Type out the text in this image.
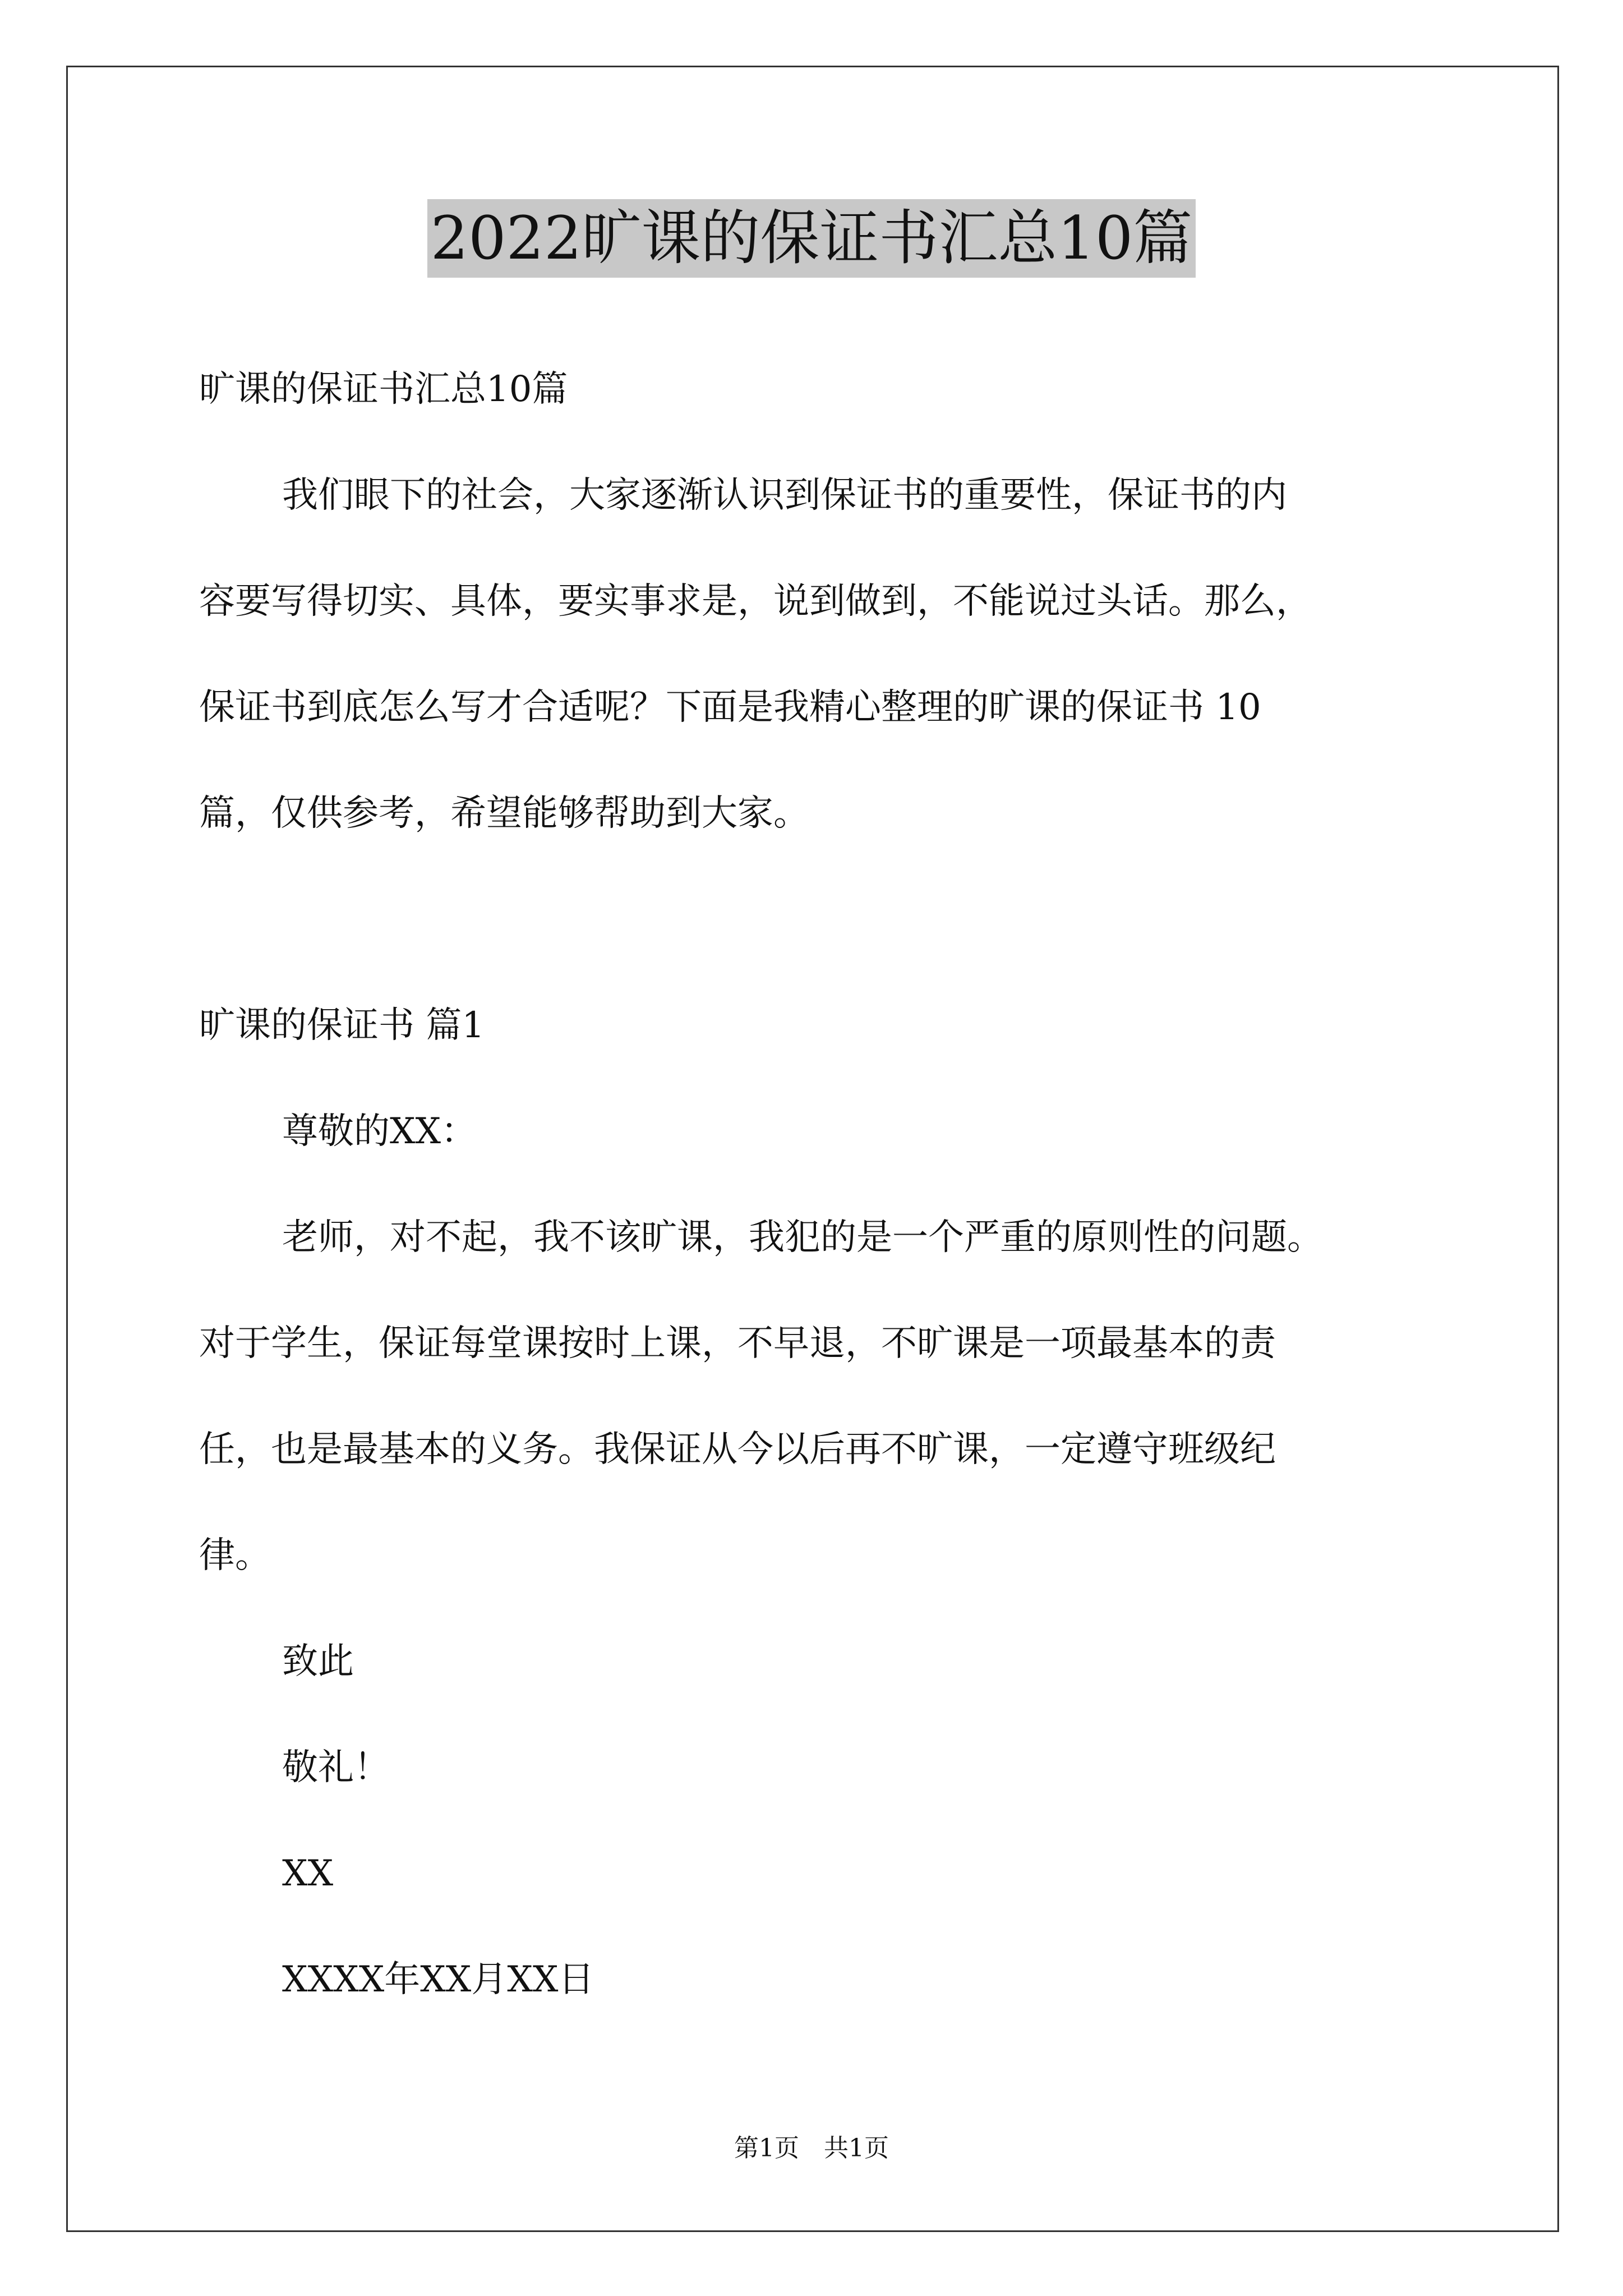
2022旷课的保证书汇总10篇

旷课的保证书汇总10篇

我们眼下的社会，大家逐渐认识到保证书的重要性，保证书的内

容要写得切实、具体，要实事求是，说到做到，不能说过头话。那么，

保证书到底怎么写才合适呢？下面是我精心整理的旷课的保证书 10

篇，仅供参考，希望能够帮助到大家。

旷课的保证书 篇1

尊敬的XX：

老师，对不起，我不该旷课，我犯的是一个严重的原则性的问题。

对于学生，保证每堂课按时上课，不早退，不旷课是一项最基本的责

任，也是最基本的义务。我保证从今以后再不旷课，一定遵守班级纪

律。

致此

敬礼！

XX

XXXX年XX月XX日

第1页　共1页
